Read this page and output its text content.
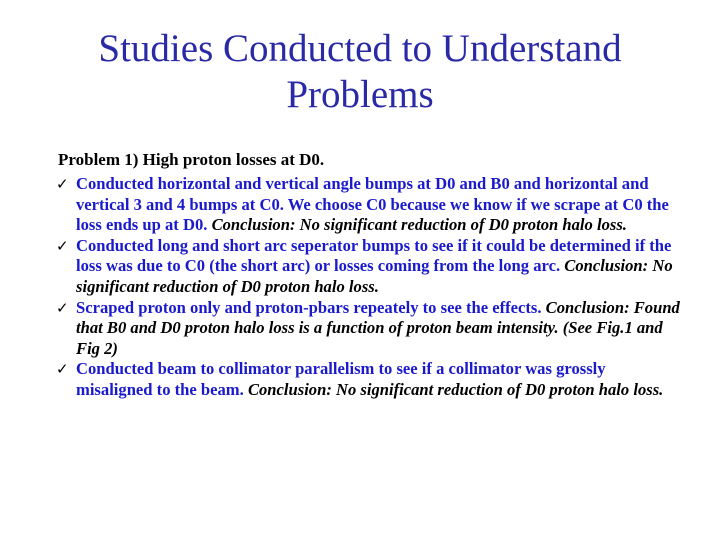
Studies Conducted to Understand Problems

Problem 1) High proton losses at D0.

✓ Conducted horizontal and vertical angle bumps at D0 and B0 and horizontal and vertical 3 and 4 bumps at C0. We choose C0 because we know if we scrape at C0 the loss ends up at D0. Conclusion: No significant reduction of D0 proton halo loss.
✓ Conducted long and short arc seperator bumps to see if it could be determined if the loss was due to C0 (the short arc) or losses coming from the long arc. Conclusion: No significant reduction of D0 proton halo loss.
✓ Scraped proton only and proton-pbars repeately to see the effects. Conclusion: Found that B0 and D0 proton halo loss is a function of proton beam intensity. (See Fig.1 and Fig 2)
✓ Conducted beam to collimator parallelism to see if a collimator was grossly misaligned to the beam. Conclusion: No significant reduction of D0 proton halo loss.
